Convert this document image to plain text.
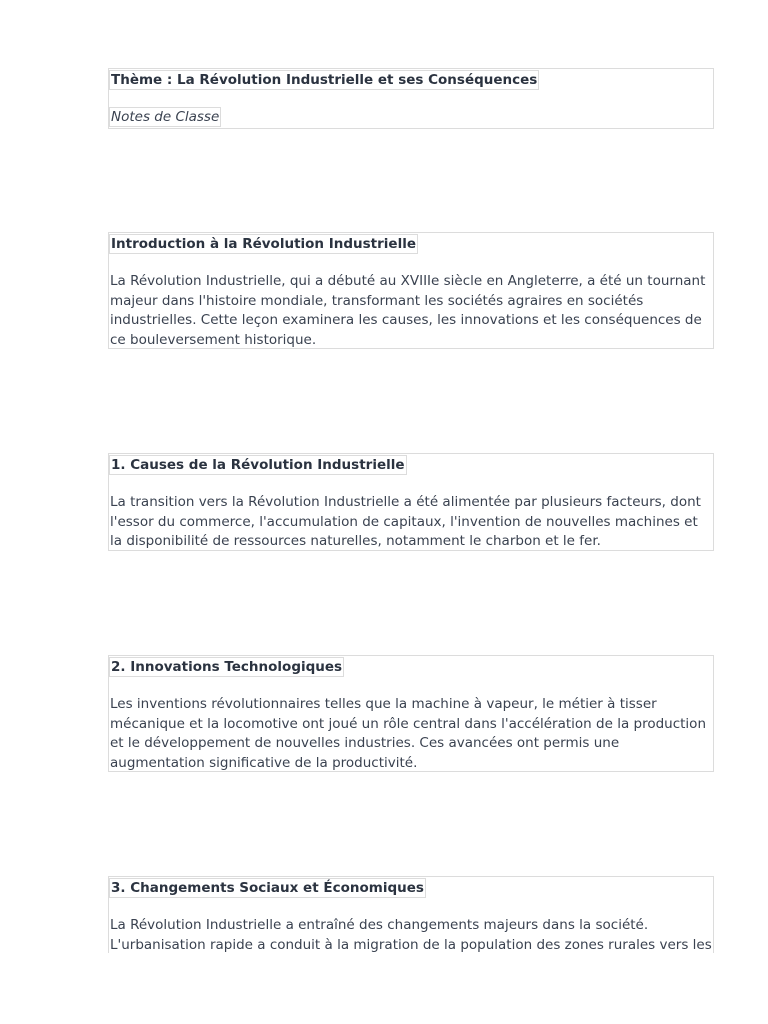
Thème : La Révolution Industrielle et ses Conséquences
Notes de Classe
Introduction à la Révolution Industrielle

La Révolution Industrielle, qui a débuté au XVIIIe siècle en Angleterre, a été un tournant majeur dans l'histoire mondiale, transformant les sociétés agraires en sociétés industrielles. Cette leçon examinera les causes, les innovations et les conséquences de ce bouleversement historique.

1. Causes de la Révolution Industrielle

La transition vers la Révolution Industrielle a été alimentée par plusieurs facteurs, dont l'essor du commerce, l'accumulation de capitaux, l'invention de nouvelles machines et la disponibilité de ressources naturelles, notamment le charbon et le fer.

2. Innovations Technologiques

Les inventions révolutionnaires telles que la machine à vapeur, le métier à tisser mécanique et la locomotive ont joué un rôle central dans l'accélération de la production et le développement de nouvelles industries. Ces avancées ont permis une augmentation significative de la productivité.

3. Changements Sociaux et Économiques

La Révolution Industrielle a entraîné des changements majeurs dans la société. L'urbanisation rapide a conduit à la migration de la population des zones rurales vers les
